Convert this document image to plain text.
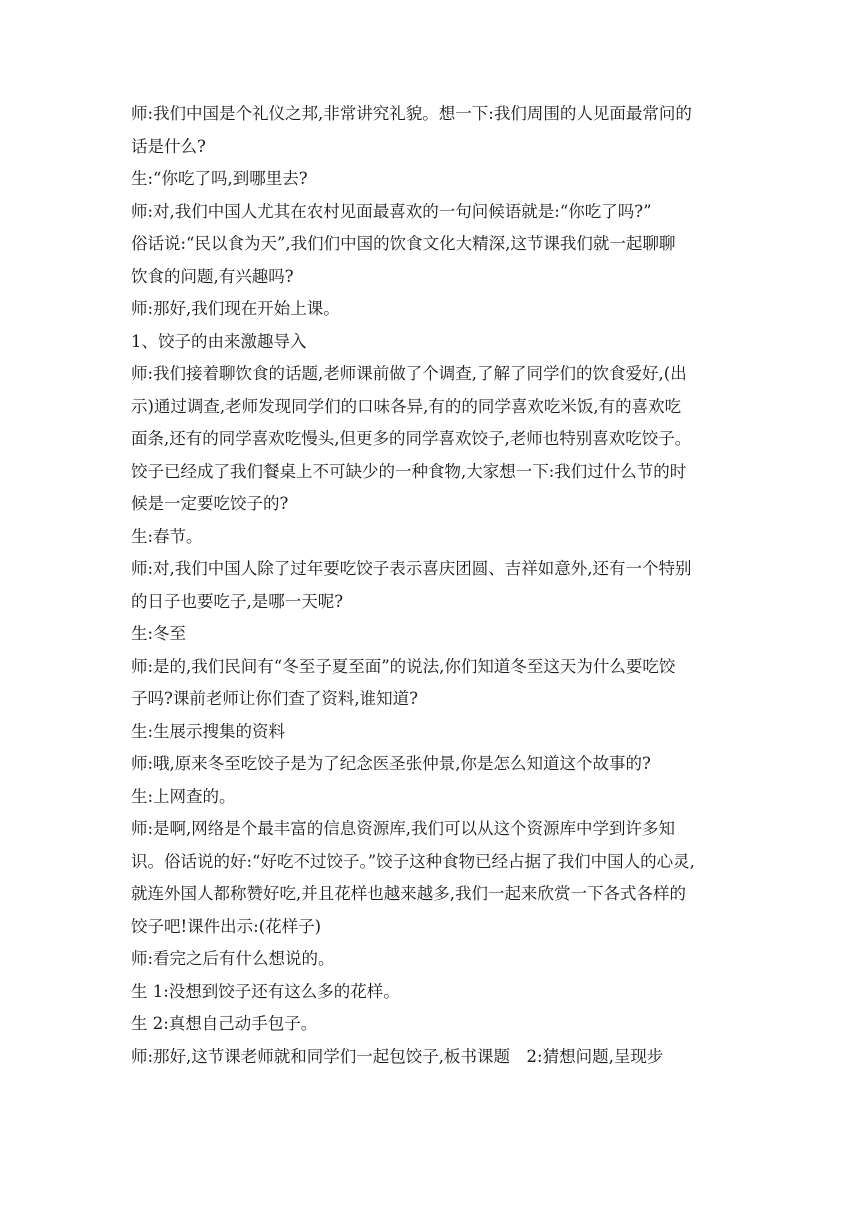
师:我们中国是个礼仪之邦,非常讲究礼貌。想一下:我们周围的人见面最常问的
话是什么?
生:“你吃了吗,到哪里去?
师:对,我们中国人尤其在农村见面最喜欢的一句问候语就是:“你吃了吗?”
俗话说:“民以食为天”,我们们中国的饮食文化大精深,这节课我们就一起聊聊
饮食的问题,有兴趣吗?
师:那好,我们现在开始上课。
1、饺子的由来激趣导入
师:我们接着聊饮食的话题,老师课前做了个调查,了解了同学们的饮食爱好,(出
示)通过调查,老师发现同学们的口味各异,有的的同学喜欢吃米饭,有的喜欢吃
面条,还有的同学喜欢吃慢头,但更多的同学喜欢饺子,老师也特别喜欢吃饺子。
饺子已经成了我们餐桌上不可缺少的一种食物,大家想一下:我们过什么节的时
候是一定要吃饺子的?
生:春节。
师:对,我们中国人除了过年要吃饺子表示喜庆团圆、吉祥如意外,还有一个特别
的日子也要吃子,是哪一天呢?
生:冬至
师:是的,我们民间有“冬至子夏至面”的说法,你们知道冬至这天为什么要吃饺
子吗?课前老师让你们查了资料,谁知道?
生:生展示搜集的资料
师:哦,原来冬至吃饺子是为了纪念医圣张仲景,你是怎么知道这个故事的?
生:上网查的。
师:是啊,网络是个最丰富的信息资源库,我们可以从这个资源库中学到许多知
识。俗话说的好:“好吃不过饺子。”饺子这种食物已经占据了我们中国人的心灵,
就连外国人都称赞好吃,并且花样也越来越多,我们一起来欣赏一下各式各样的
饺子吧!课件出示:(花样子)
师:看完之后有什么想说的。
生 1:没想到饺子还有这么多的花样。
生 2:真想自己动手包子。
师:那好,这节课老师就和同学们一起包饺子,板书课题　2:猜想问题,呈现步
